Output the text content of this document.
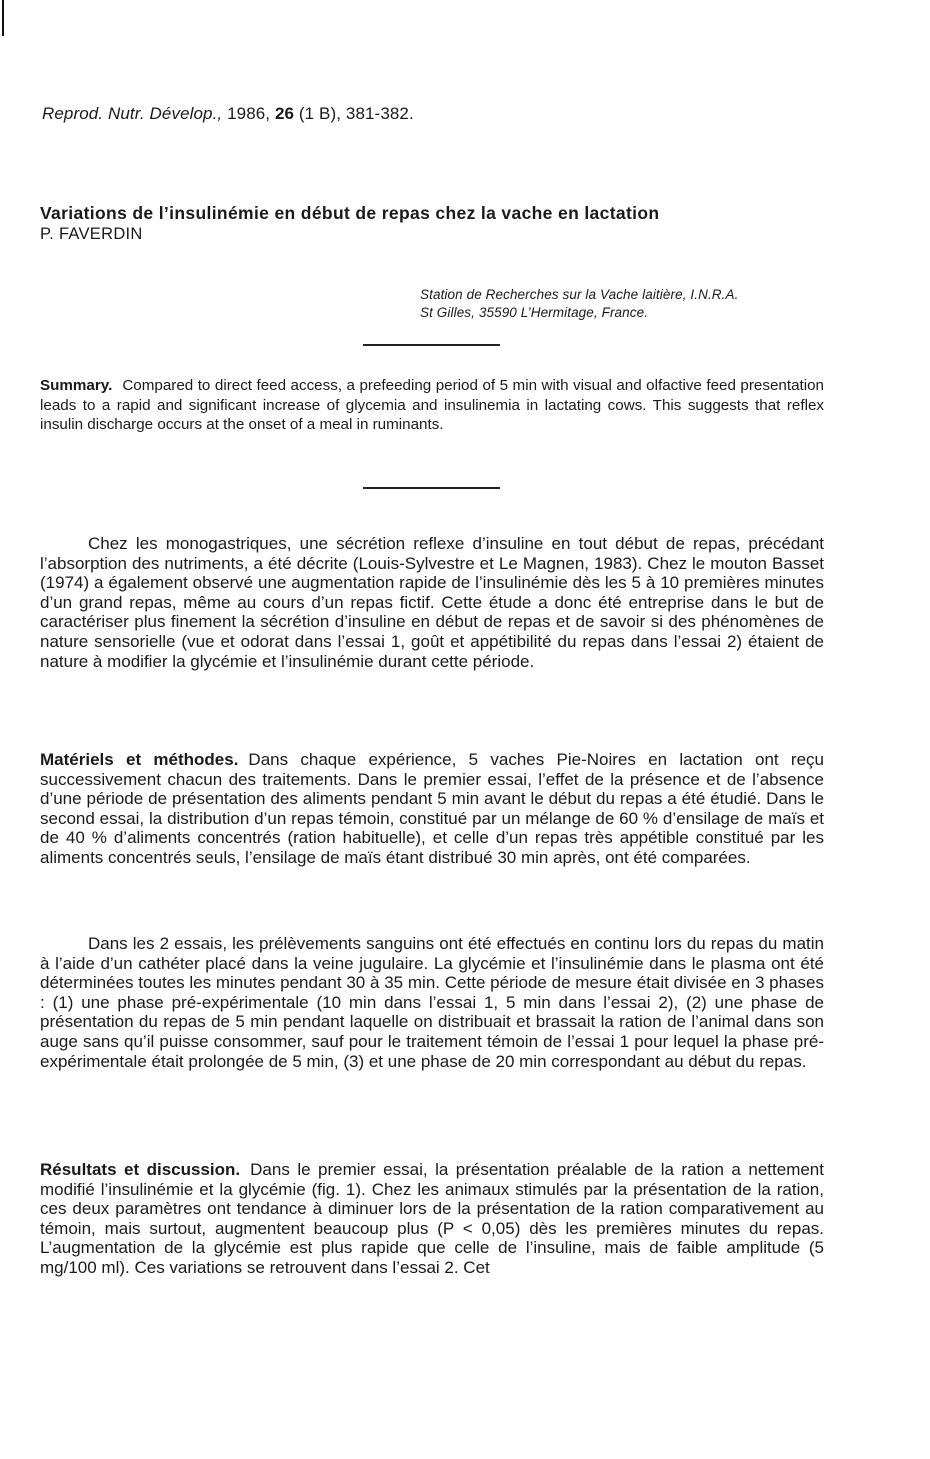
Reprod. Nutr. Dévelop., 1986, 26 (1 B), 381-382.
Variations de l’insulinémie en début de repas chez la vache en lactation
P. FAVERDIN
Station de Recherches sur la Vache laitière, I.N.R.A.
St Gilles, 35590 L’Hermitage, France.
Summary. Compared to direct feed access, a prefeeding period of 5 min with visual and olfactive feed presentation leads to a rapid and significant increase of glycemia and insulinemia in lactating cows. This suggests that reflex insulin discharge occurs at the onset of a meal in ruminants.

Chez les monogastriques, une sécrétion reflexe d’insuline en tout début de repas, précédant l’absorption des nutriments, a été décrite (Louis-Sylvestre et Le Magnen, 1983). Chez le mouton Basset (1974) a également observé une augmentation rapide de l’insulinémie dès les 5 à 10 premières minutes d’un grand repas, même au cours d’un repas fictif. Cette étude a donc été entreprise dans le but de caractériser plus finement la sécrétion d’insuline en début de repas et de savoir si des phénomènes de nature sensorielle (vue et odorat dans l’essai 1, goût et appétibilité du repas dans l’essai 2) étaient de nature à modifier la glycémie et l’insulinémie durant cette période.

Matériels et méthodes. Dans chaque expérience, 5 vaches Pie-Noires en lactation ont reçu successivement chacun des traitements. Dans le premier essai, l’effet de la présence et de l’absence d’une période de présentation des aliments pendant 5 min avant le début du repas a été étudié. Dans le second essai, la distribution d’un repas témoin, constitué par un mélange de 60 % d’ensilage de maïs et de 40 % d’aliments concentrés (ration habituelle), et celle d’un repas très appétible constitué par les aliments concentrés seuls, l’ensilage de maïs étant distribué 30 min après, ont été comparées.

Dans les 2 essais, les prélèvements sanguins ont été effectués en continu lors du repas du matin à l’aide d’un cathéter placé dans la veine jugulaire. La glycémie et l’insulinémie dans le plasma ont été déterminées toutes les minutes pendant 30 à 35 min. Cette période de mesure était divisée en 3 phases : (1) une phase pré-expérimentale (10 min dans l’essai 1, 5 min dans l’essai 2), (2) une phase de présentation du repas de 5 min pendant laquelle on distribuait et brassait la ration de l’animal dans son auge sans qu’il puisse consommer, sauf pour le traitement témoin de l’essai 1 pour lequel la phase pré-expérimentale était prolongée de 5 min, (3) et une phase de 20 min correspondant au début du repas.

Résultats et discussion. Dans le premier essai, la présentation préalable de la ration a nettement modifié l’insulinémie et la glycémie (fig. 1). Chez les animaux stimulés par la présentation de la ration, ces deux paramètres ont tendance à diminuer lors de la présentation de la ration comparativement au témoin, mais surtout, augmentent beaucoup plus (P < 0,05) dès les premières minutes du repas. L’augmentation de la glycémie est plus rapide que celle de l’insuline, mais de faible amplitude (5 mg/100 ml). Ces variations se retrouvent dans l’essai 2. Cet
